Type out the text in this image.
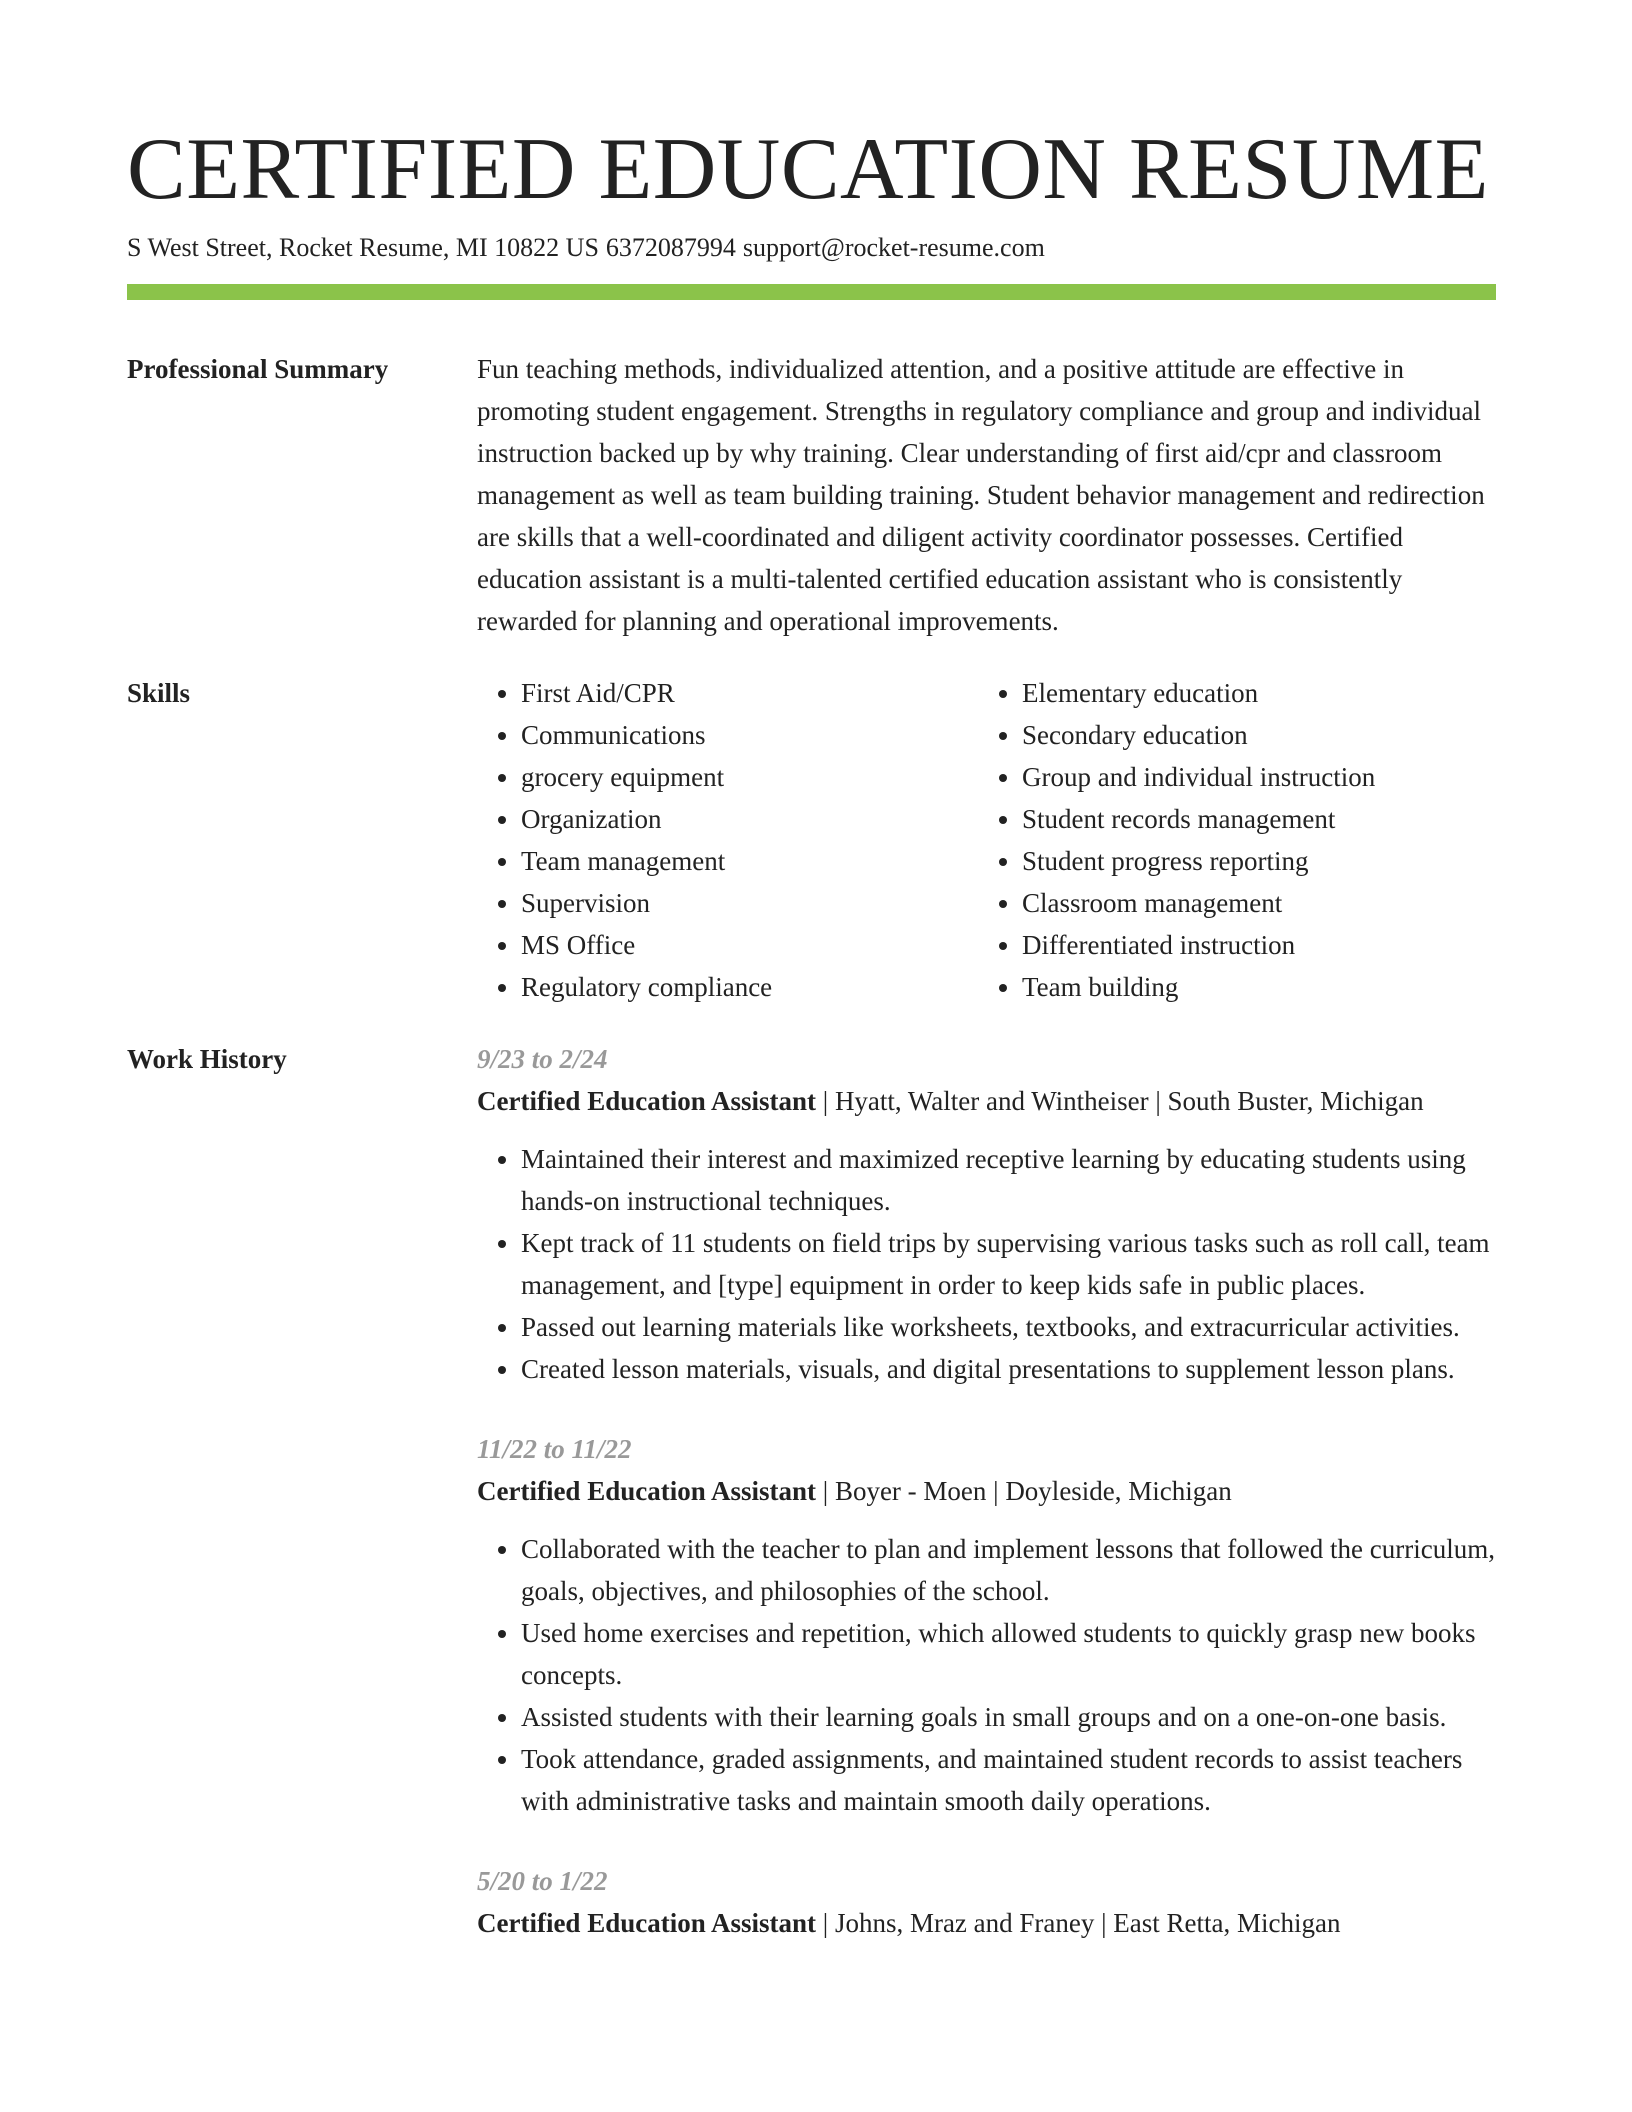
CERTIFIED EDUCATION RESUME
S West Street, Rocket Resume, MI 10822 US 6372087994 support@rocket-resume.com
Professional Summary	Fun teaching methods, individualized attention, and a positive attitude are effective in promoting student engagement. Strengths in regulatory compliance and group and individual instruction backed up by why training. Clear understanding of first aid/cpr and classroom management as well as team building training. Student behavior management and redirection are skills that a well-coordinated and diligent activity coordinator possesses. Certified education assistant is a multi-talented certified education assistant who is consistently rewarded for planning and operational improvements.

Skills
•	First Aid/CPR
• Communications
• grocery equipment
• Organization
• Team management
• Supervision
• MS Office
• Regulatory compliance
• Elementary education
• Secondary education
• Group and individual instruction
• Student records management
• Student progress reporting
• Classroom management
• Differentiated instruction
• Team building
Work History	9/23 to 2/24
Certified Education Assistant | Hyatt, Walter and Wintheiser | South Buster, Michigan
• Maintained their interest and maximized receptive learning by educating students using hands-on instructional techniques.
• Kept track of 11 students on field trips by supervising various tasks such as roll call, team management, and [type] equipment in order to keep kids safe in public places.
• Passed out learning materials like worksheets, textbooks, and extracurricular activities.
• Created lesson materials, visuals, and digital presentations to supplement lesson plans.
11/22 to 11/22
Certified Education Assistant | Boyer - Moen | Doyleside, Michigan
• Collaborated with the teacher to plan and implement lessons that followed the curriculum, goals, objectives, and philosophies of the school.
• Used home exercises and repetition, which allowed students to quickly grasp new books concepts.
• Assisted students with their learning goals in small groups and on a one-on-one basis.
• Took attendance, graded assignments, and maintained student records to assist teachers with administrative tasks and maintain smooth daily operations.
5/20 to 1/22
Certified Education Assistant | Johns, Mraz and Franey | East Retta, Michigan
